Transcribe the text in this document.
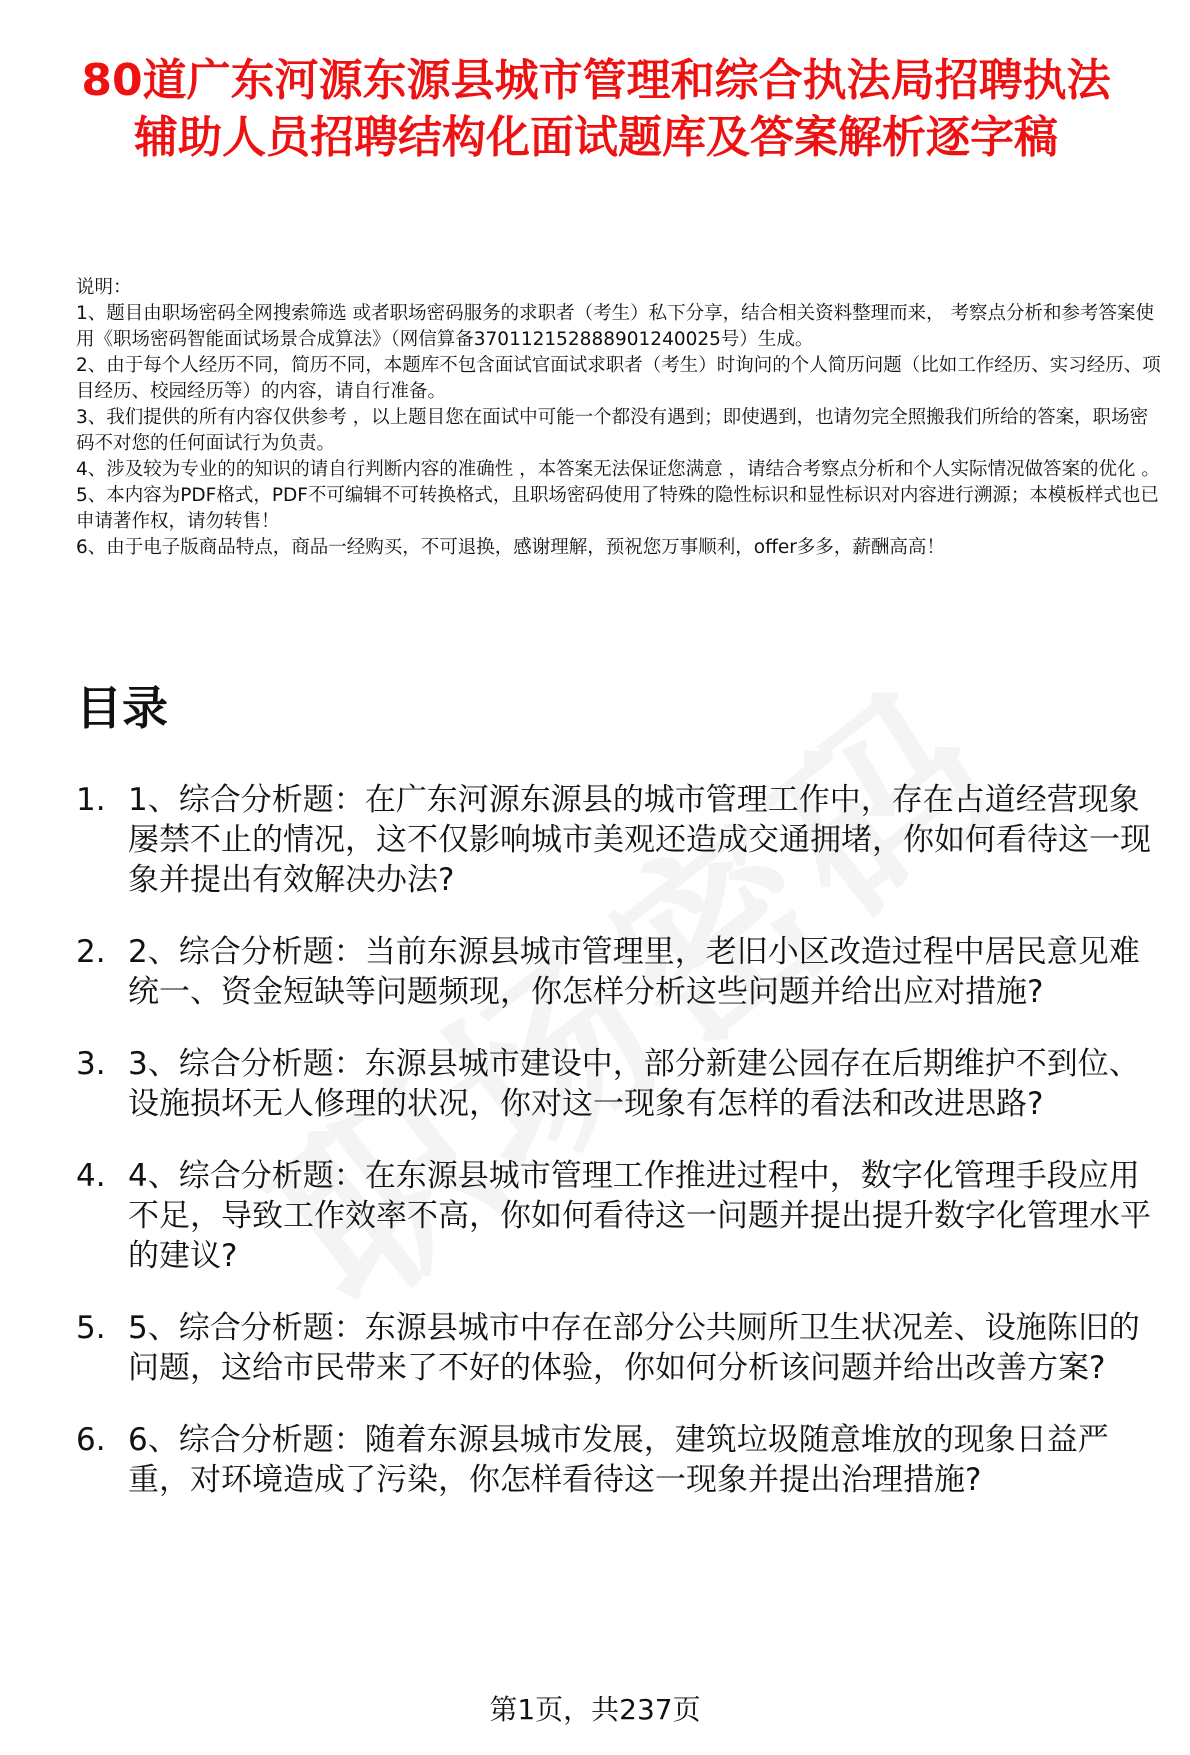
80道广东河源东源县城市管理和综合执法局招聘执法辅助人员招聘结构化面试题库及答案解析逐字稿

说明：

1、题目由职场密码全网搜索筛选 或者职场密码服务的求职者（考生）私下分享，结合相关资料整理而来， 考察点分析和参考答案使用《职场密码智能面试场景合成算法》（网信算备370112152888901240025号）生成。

2、由于每个人经历不同，简历不同，本题库不包含面试官面试求职者（考生）时询问的个人简历问题（比如工作经历、实习经历、项目经历、校园经历等）的内容，请自行准备。

3、我们提供的所有内容仅供参考 ，以上题目您在面试中可能一个都没有遇到；即使遇到，也请勿完全照搬我们所给的答案，职场密码不对您的任何面试行为负责。

4、涉及较为专业的的知识的请自行判断内容的准确性 ，本答案无法保证您满意 ，请结合考察点分析和个人实际情况做答案的优化 。

5、本内容为PDF格式，PDF不可编辑不可转换格式，且职场密码使用了特殊的隐性标识和显性标识对内容进行溯源；本模板样式也已申请著作权，请勿转售！

6、由于电子版商品特点，商品一经购买，不可退换，感谢理解，预祝您万事顺利，offer多多，薪酬高高！

目录
1. 1、综合分析题：在广东河源东源县的城市管理工作中，存在占道经营现象屡禁不止的情况，这不仅影响城市美观还造成交通拥堵，你如何看待这一现象并提出有效解决办法?
2. 2、综合分析题：当前东源县城市管理里，老旧小区改造过程中居民意见难统一、资金短缺等问题频现，你怎样分析这些问题并给出应对措施?
3. 3、综合分析题：东源县城市建设中，部分新建公园存在后期维护不到位、设施损坏无人修理的状况，你对这一现象有怎样的看法和改进思路?
4. 4、综合分析题：在东源县城市管理工作推进过程中，数字化管理手段应用不足，导致工作效率不高，你如何看待这一问题并提出提升数字化管理水平的建议?
5. 5、综合分析题：东源县城市中存在部分公共厕所卫生状况差、设施陈旧的问题，这给市民带来了不好的体验，你如何分析该问题并给出改善方案?
6. 6、综合分析题：随着东源县城市发展，建筑垃圾随意堆放的现象日益严重，对环境造成了污染，你怎样看待这一现象并提出治理措施?
第1页，共237页
